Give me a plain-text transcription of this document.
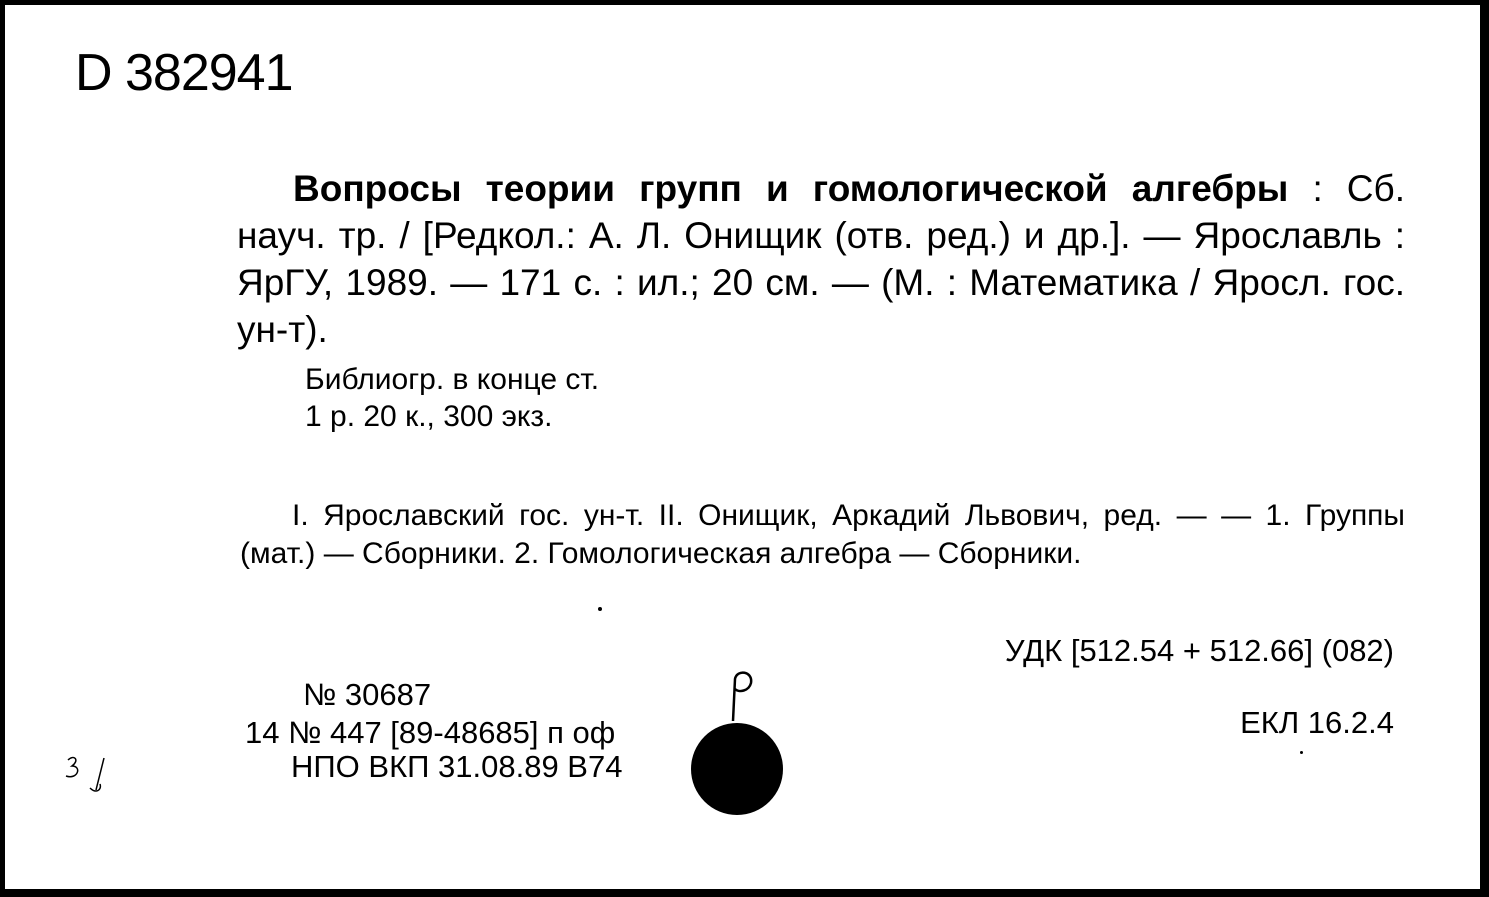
D 382941
Вопросы теории групп и гомологической алгебры : Сб. науч. тр. / [Редкол.: А. Л. Онищик (отв. ред.) и др.]. — Ярославль : ЯрГУ, 1989. — 171 с. : ил.; 20 см. — (М. : Математика / Яросл. гос. ун-т).
Библиогр. в конце ст.
1 р. 20 к., 300 экз.
I. Ярославский гос. ун-т. II. Онищик, Аркадий Львович, ред. — — 1. Группы (мат.) — Сборники. 2. Гомологическая алгебра — Сборники.
УДК [512.54 + 512.66] (082)
ЕКЛ 16.2.4
№ 30687
14 № 447 [89-48685] п оф
НПО ВКП 31.08.89 В74
